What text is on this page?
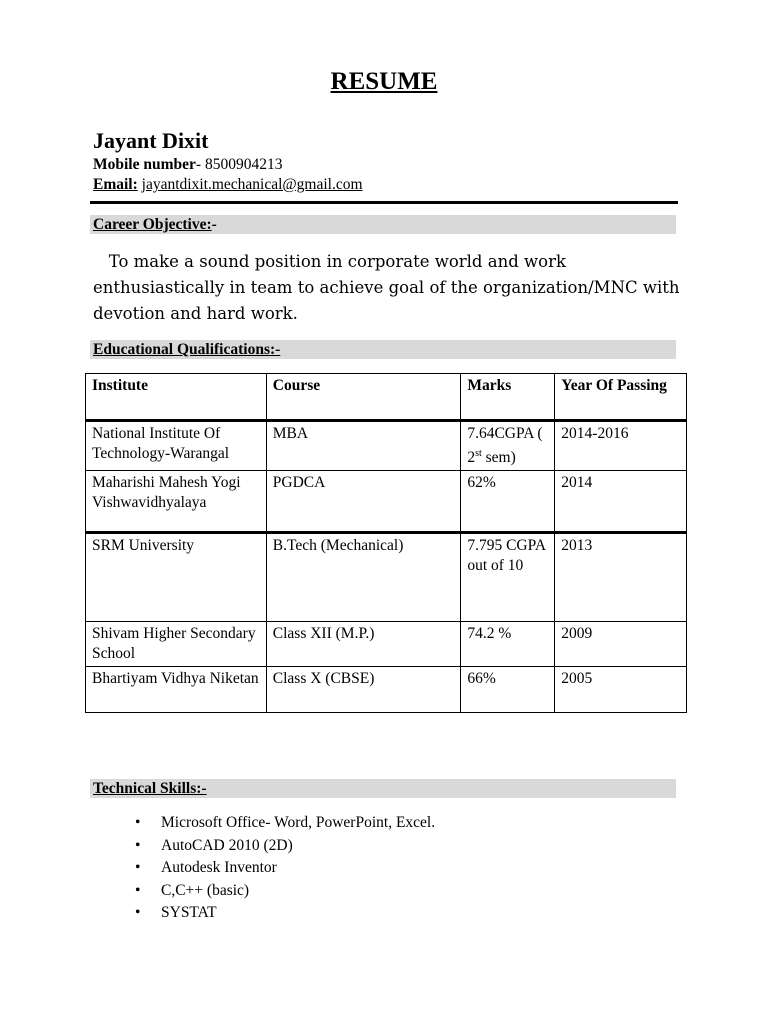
RESUME
Jayant Dixit
Mobile number- 8500904213
Email: jayantdixit.mechanical@gmail.com
Career Objective:-
To make a sound position in corporate world and work enthusiastically in team to achieve goal of the organization/MNC with devotion and hard work.
Educational Qualifications:-
Institute	Course	Marks	Year Of Passing
National Institute Of Technology-Warangal	MBA	7.64CGPA ( 2st sem)	2014-2016
Maharishi Mahesh Yogi Vishwavidhyalaya	PGDCA	62%	2014
SRM University	B.Tech (Mechanical)	7.795 CGPA out of 10	2013
Shivam Higher Secondary School	Class XII (M.P.)	74.2 %	2009
Bhartiyam Vidhya Niketan	Class X (CBSE)	66%	2005
Technical Skills:-
• Microsoft Office- Word, PowerPoint, Excel.
• AutoCAD 2010 (2D)
• Autodesk Inventor
• C,C++ (basic)
• SYSTAT
